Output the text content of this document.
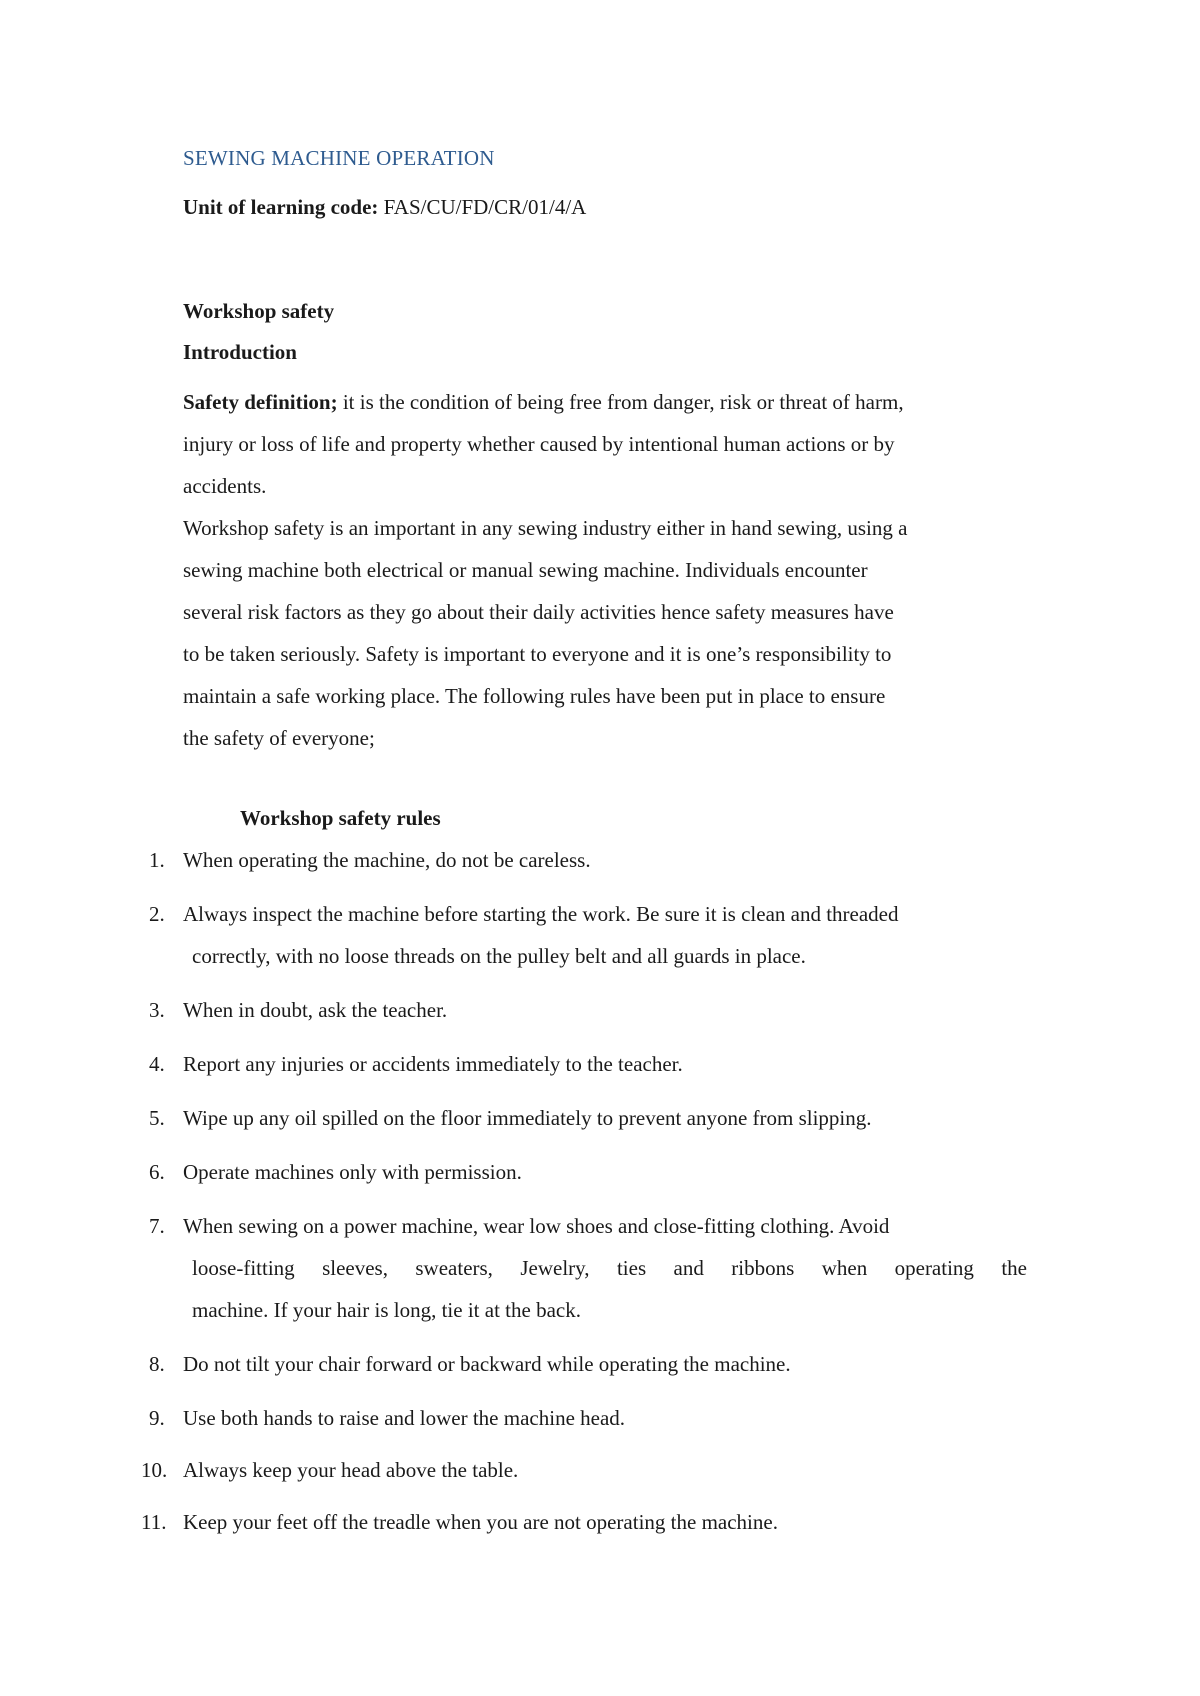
SEWING MACHINE OPERATION
Unit of learning code: FAS/CU/FD/CR/01/4/A
Workshop safety
Introduction
Safety definition; it is the condition of being free from danger, risk or threat of harm,
injury or loss of life and property whether caused by intentional human actions or by
accidents.
Workshop safety is an important in any sewing industry either in hand sewing, using a
sewing machine both electrical or manual sewing machine. Individuals encounter
several risk factors as they go about their daily activities hence safety measures have
to be taken seriously. Safety is important to everyone and it is one’s responsibility to
maintain a safe working place. The following rules have been put in place to ensure
the safety of everyone;
Workshop safety rules
1. When operating the machine, do not be careless.
2. Always inspect the machine before starting the work. Be sure it is clean and threaded
correctly, with no loose threads on the pulley belt and all guards in place.
3. When in doubt, ask the teacher.
4. Report any injuries or accidents immediately to the teacher.
5. Wipe up any oil spilled on the floor immediately to prevent anyone from slipping.
6. Operate machines only with permission.
7. When sewing on a power machine, wear low shoes and close-fitting clothing. Avoid
loose-fitting sleeves, sweaters, Jewelry, ties and ribbons when operating the
machine. If your hair is long, tie it at the back.
8. Do not tilt your chair forward or backward while operating the machine.
9. Use both hands to raise and lower the machine head.
10. Always keep your head above the table.
11. Keep your feet off the treadle when you are not operating the machine.
